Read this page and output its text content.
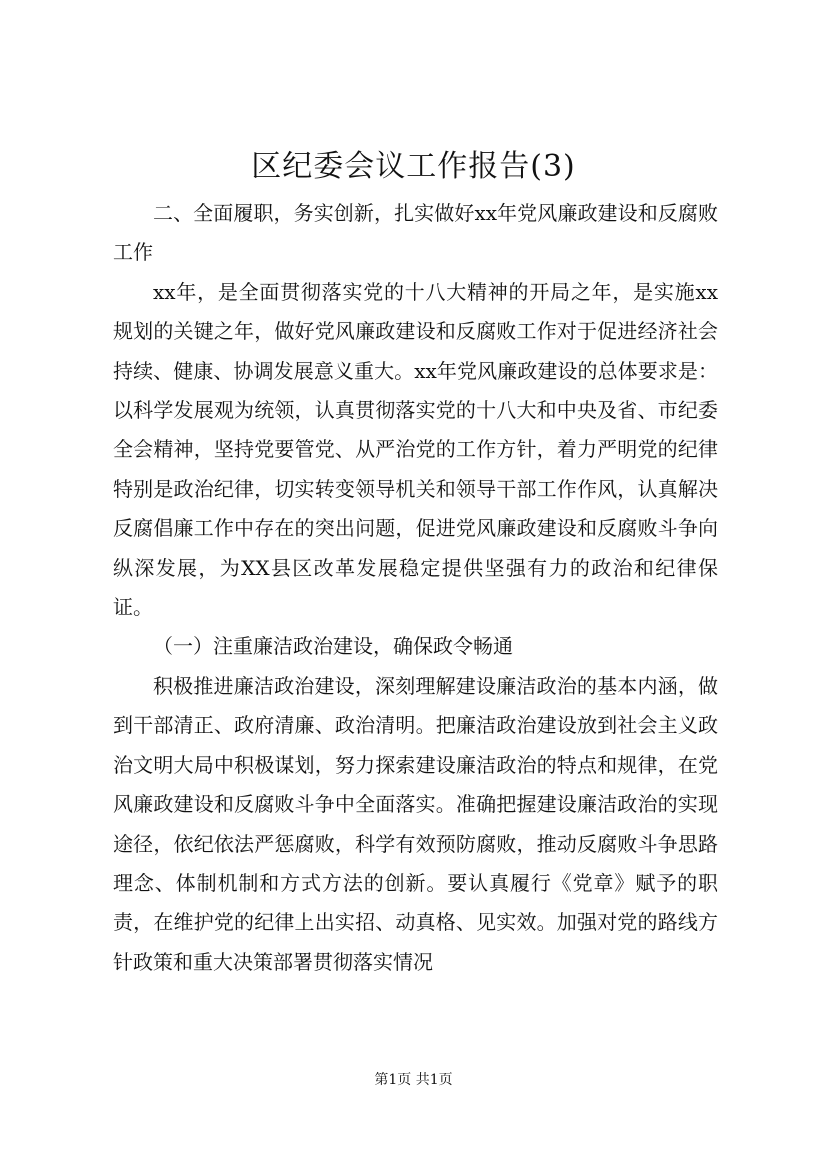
区纪委会议工作报告(3)

二、全面履职，务实创新，扎实做好xx年党风廉政建设和反腐败工作

xx年，是全面贯彻落实党的十八大精神的开局之年，是实施xx规划的关键之年，做好党风廉政建设和反腐败工作对于促进经济社会持续、健康、协调发展意义重大。xx年党风廉政建设的总体要求是：以科学发展观为统领，认真贯彻落实党的十八大和中央及省、市纪委全会精神，坚持党要管党、从严治党的工作方针，着力严明党的纪律特别是政治纪律，切实转变领导机关和领导干部工作作风，认真解决反腐倡廉工作中存在的突出问题，促进党风廉政建设和反腐败斗争向纵深发展，为XX县区改革发展稳定提供坚强有力的政治和纪律保证。

（一）注重廉洁政治建设，确保政令畅通

积极推进廉洁政治建设，深刻理解建设廉洁政治的基本内涵，做到干部清正、政府清廉、政治清明。把廉洁政治建设放到社会主义政治文明大局中积极谋划，努力探索建设廉洁政治的特点和规律，在党风廉政建设和反腐败斗争中全面落实。准确把握建设廉洁政治的实现途径，依纪依法严惩腐败，科学有效预防腐败，推动反腐败斗争思路理念、体制机制和方式方法的创新。要认真履行《党章》赋予的职责，在维护党的纪律上出实招、动真格、见实效。加强对党的路线方针政策和重大决策部署贯彻落实情况

第1页 共1页
